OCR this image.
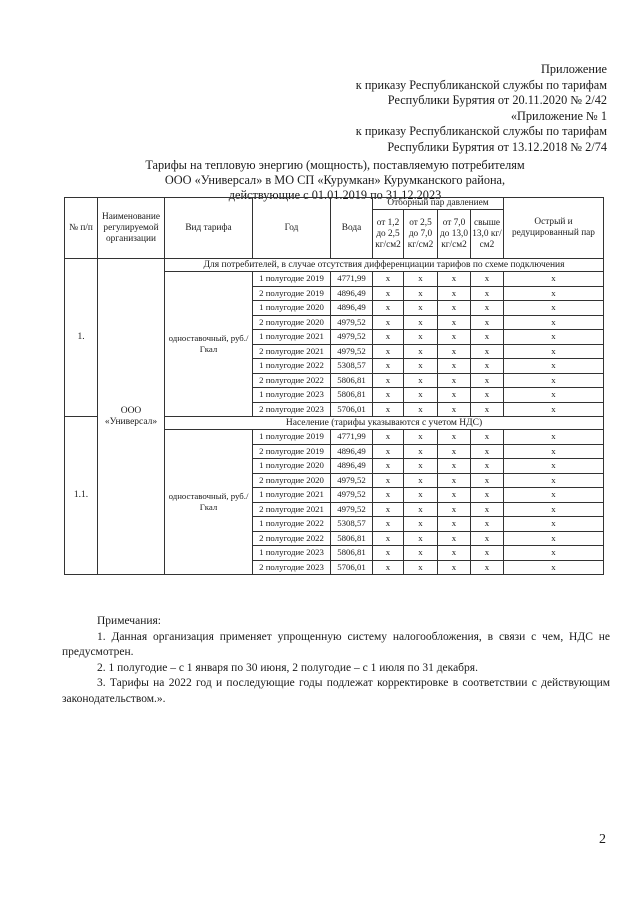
Приложение
к приказу Республиканской службы по тарифам
Республики Бурятия от 20.11.2020 № 2/42
«Приложение № 1
к приказу Республиканской службы по тарифам
Республики Бурятия от 13.12.2018 № 2/74
Тарифы на тепловую энергию (мощность), поставляемую потребителям
ООО «Универсал» в МО СП «Курумкан» Курумканского района,
действующие с 01.01.2019 по 31.12.2023
№ п/п	Наименование регулируемой организации	Вид тарифа	Год	Вода	Отборный пар давлением				Острый и редуцированный пар
					от 1,2 до 2,5 кг/см2	от 2,5 до 7,0 кг/см2	от 7,0 до 13,0 кг/см2	свыше 13,0 кг/см2	
1.	ООО «Универсал»	Для потребителей, в случае отсутствия дифференциации тарифов по схеме подключения							
		одноставочный, руб./Гкал	1 полугодие 2019	4771,99	х	х	х	х	х
			2 полугодие 2019	4896,49	х	х	х	х	х
			1 полугодие 2020	4896,49	х	х	х	х	х
			2 полугодие 2020	4979,52	х	х	х	х	х
			1 полугодие 2021	4979,52	х	х	х	х	х
			2 полугодие 2021	4979,52	х	х	х	х	х
			1 полугодие 2022	5308,57	х	х	х	х	х
			2 полугодие 2022	5806,81	х	х	х	х	х
			1 полугодие 2023	5806,81	х	х	х	х	х
			2 полугодие 2023	5706,01	х	х	х	х	х
1.1.		Население (тарифы указываются с учетом НДС)							
		одноставочный, руб./Гкал	1 полугодие 2019	4771,99	х	х	х	х	х
			2 полугодие 2019	4896,49	х	х	х	х	х
			1 полугодие 2020	4896,49	х	х	х	х	х
			2 полугодие 2020	4979,52	х	х	х	х	х
			1 полугодие 2021	4979,52	х	х	х	х	х
			2 полугодие 2021	4979,52	х	х	х	х	х
			1 полугодие 2022	5308,57	х	х	х	х	х
			2 полугодие 2022	5806,81	х	х	х	х	х
			1 полугодие 2023	5806,81	х	х	х	х	х
			2 полугодие 2023	5706,01	х	х	х	х	х
Примечания:
1. Данная организация применяет упрощенную систему налогообложения, в связи с чем, НДС не предусмотрен.
2. 1 полугодие – с 1 января по 30 июня, 2 полугодие – с 1 июля по 31 декабря.
3. Тарифы на 2022 год и последующие годы подлежат корректировке в соответствии с действующим законодательством.».
2
